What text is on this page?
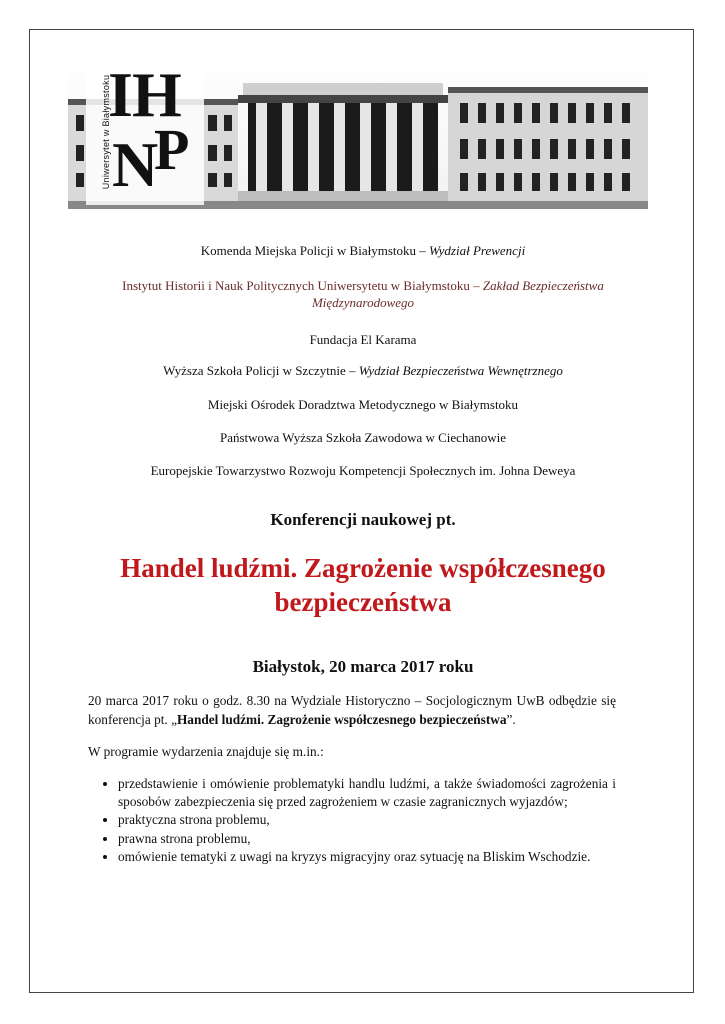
Uniwersytet w Białymstoku
I H
N
P
Komenda Miejska Policji w Białymstoku – Wydział Prewencji
Instytut Historii i Nauk Politycznych Uniwersytetu w Białymstoku – Zakład Bezpieczeństwa Międzynarodowego
Fundacja El Karama
Wyższa Szkoła Policji w Szczytnie – Wydział Bezpieczeństwa Wewnętrznego
Miejski Ośrodek Doradztwa Metodycznego w Białymstoku
Państwowa Wyższa Szkoła Zawodowa w Ciechanowie
Europejskie Towarzystwo Rozwoju Kompetencji Społecznych im. Johna Deweya
Konferencji naukowej pt.
Handel ludźmi. Zagrożenie współczesnego
bezpieczeństwa
Białystok, 20 marca 2017 roku
20 marca 2017 roku o godz. 8.30 na Wydziale Historyczno – Socjologicznym UwB odbędzie się konferencja pt. „Handel ludźmi. Zagrożenie współczesnego bezpieczeństwa”.
W programie wydarzenia znajduje się m.in.:
• przedstawienie i omówienie problematyki handlu ludźmi, a także świadomości zagrożenia i sposobów zabezpieczenia się przed zagrożeniem w czasie zagranicznych wyjazdów;
• praktyczna strona problemu,
• prawna strona problemu,
• omówienie tematyki z uwagi na kryzys migracyjny oraz sytuację na Bliskim Wschodzie.
